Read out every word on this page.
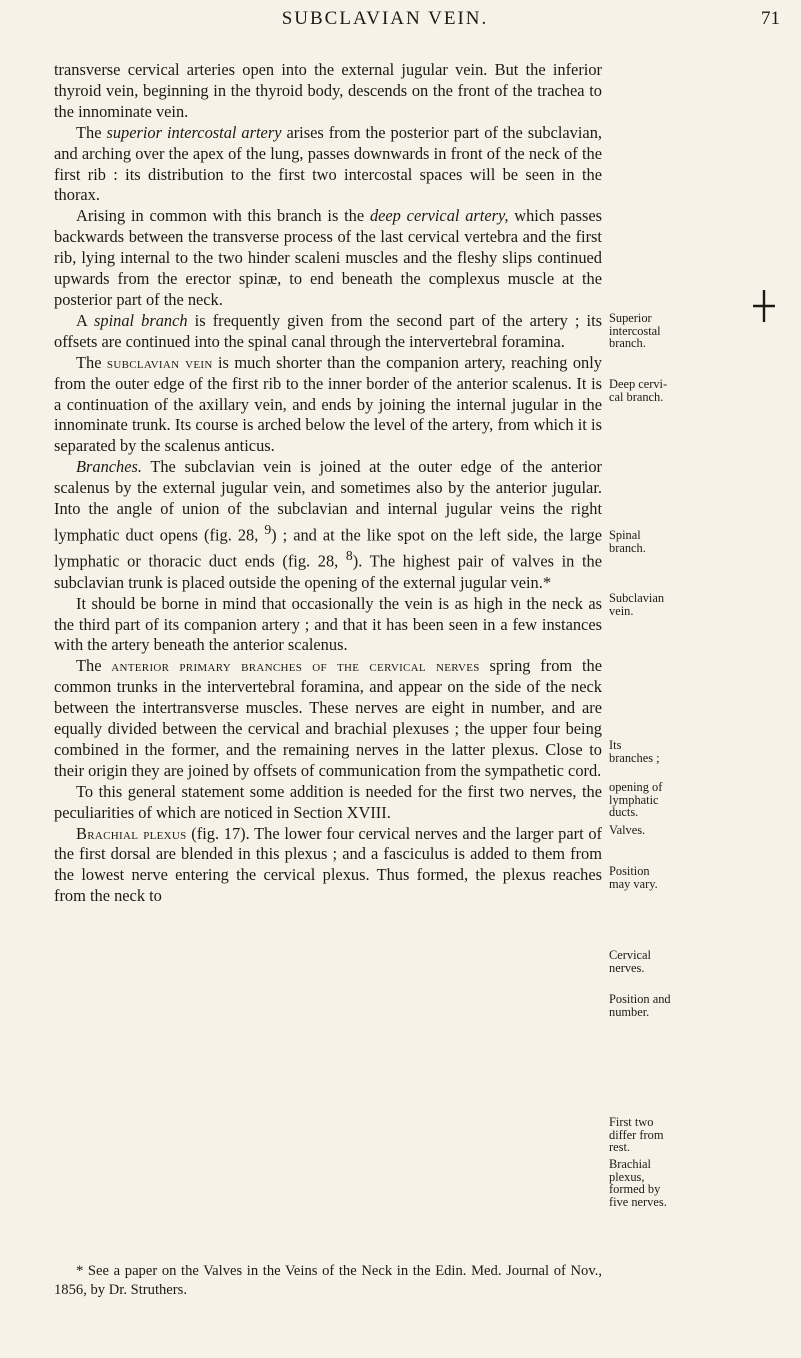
SUBCLAVIAN VEIN.	71

transverse cervical arteries open into the external jugular vein. But the inferior thyroid vein, beginning in the thyroid body, descends on the front of the trachea to the innominate vein.

The superior intercostal artery arises from the posterior part of the subclavian, and arching over the apex of the lung, passes downwards in front of the neck of the first rib : its distribution to the first two intercostal spaces will be seen in the thorax.

Arising in common with this branch is the deep cervical artery, which passes backwards between the transverse process of the last cervical vertebra and the first rib, lying internal to the two hinder scaleni muscles and the fleshy slips continued upwards from the erector spinæ, to end beneath the complexus muscle at the posterior part of the neck.

A spinal branch is frequently given from the second part of the artery ; its offsets are continued into the spinal canal through the intervertebral foramina.

The subclavian vein is much shorter than the companion artery, reaching only from the outer edge of the first rib to the inner border of the anterior scalenus. It is a continuation of the axillary vein, and ends by joining the internal jugular in the innominate trunk. Its course is arched below the level of the artery, from which it is separated by the scalenus anticus.

Branches. The subclavian vein is joined at the outer edge of the anterior scalenus by the external jugular vein, and sometimes also by the anterior jugular. Into the angle of union of the subclavian and internal jugular veins the right lymphatic duct opens (fig. 28, $^9$) ; and at the like spot on the left side, the large lymphatic or thoracic duct ends (fig. 28, $^8$). The highest pair of valves in the subclavian trunk is placed outside the opening of the external jugular vein.*

It should be borne in mind that occasionally the vein is as high in the neck as the third part of its companion artery ; and that it has been seen in a few instances with the artery beneath the anterior scalenus.

The anterior primary branches of the cervical nerves spring from the common trunks in the intervertebral foramina, and appear on the side of the neck between the intertransverse muscles. These nerves are eight in number, and are equally divided between the cervical and brachial plexuses ; the upper four being combined in the former, and the remaining nerves in the latter plexus. Close to their origin they are joined by offsets of communication from the sympathetic cord.

To this general statement some addition is needed for the first two nerves, the peculiarities of which are noticed in Section XVIII.

Brachial plexus (fig. 17). The lower four cervical nerves and the larger part of the first dorsal are blended in this plexus ; and a fasciculus is added to them from the lowest nerve entering the cervical plexus. Thus formed, the plexus reaches from the neck to

Superior
intercostal
branch.
Deep cervi-
cal branch.
Spinal
branch.
Subclavian
vein.
Its
branches ;
opening of
lymphatic
ducts.
Valves.
Position
may vary.
Cervical
nerves.
Position and
number.
First two
differ from
rest.
Brachial
plexus,
formed by
five nerves.
* See a paper on the Valves in the Veins of the Neck in the Edin. Med. Journal of Nov., 1856, by Dr. Struthers.
